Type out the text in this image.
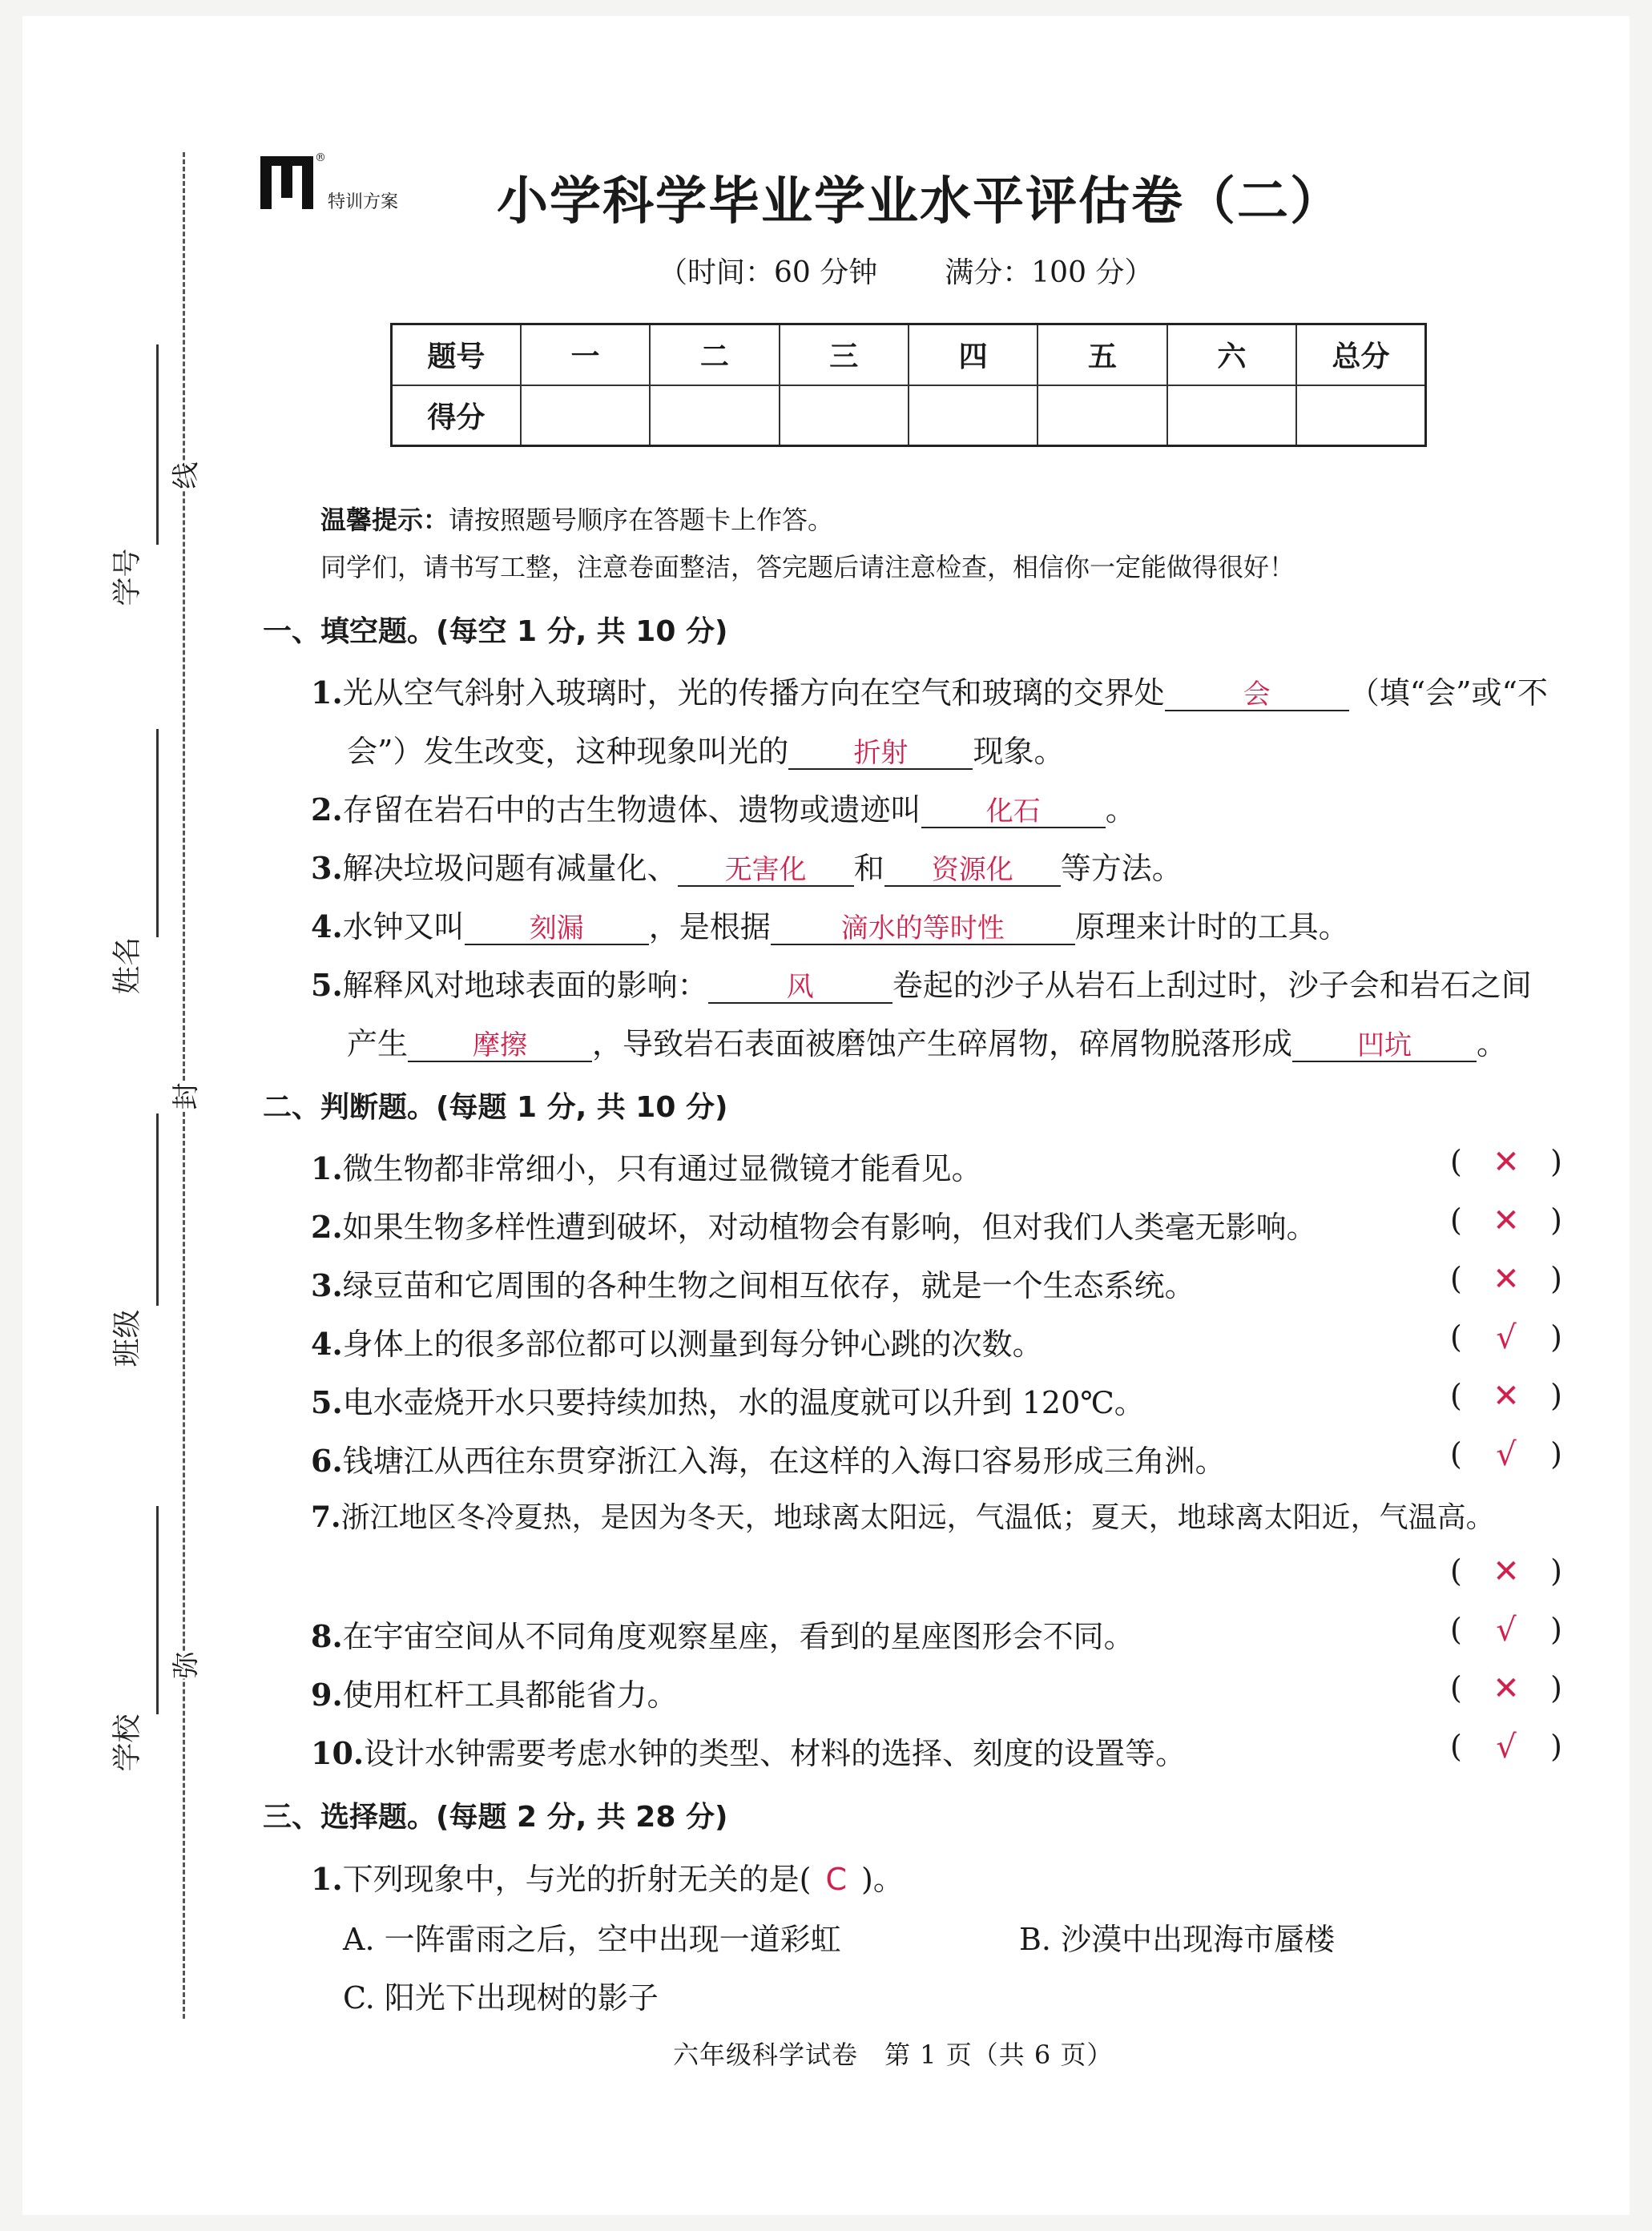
学号
姓名
班级
学校
线
封
弥
®
特训方案 小学科学毕业学业水平评估卷（二）
（时间：60 分钟 满分：100 分）
题号	一	二	三	四	五	六	总分
得分							
温馨提示：请按照题号顺序在答题卡上作答。
同学们，请书写工整，注意卷面整洁，答完题后请注意检查，相信你一定能做得很好！
一、填空题。(每空 1 分, 共 10 分)
1.光从空气斜射入玻璃时，光的传播方向在空气和玻璃的交界处	会	（填“会”或“不
会”）发生改变，这种现象叫光的 折射 现象。
2.存留在岩石中的古生物遗体、遗物或遗迹叫 化石 。
3.解决垃圾问题有减量化、 无害化 和 资源化 等方法。
4.水钟又叫 刻漏 ，是根据	滴水的等时性 原理来计时的工具。
5.解释风对地球表面的影响：	风	卷起的沙子从岩石上刮过时，沙子会和岩石之间
产生 摩擦 ，导致岩石表面被磨蚀产生碎屑物，碎屑物脱落形成 凹坑 。
二、判断题。(每题 1 分, 共 10 分)
1.微生物都非常细小，只有通过显微镜才能看见。	( ✕ )
2.如果生物多样性遭到破坏，对动植物会有影响，但对我们人类毫无影响。	( ✕ )
3.绿豆苗和它周围的各种生物之间相互依存，就是一个生态系统。	( ✕ )
4.身体上的很多部位都可以测量到每分钟心跳的次数。	( √ )
5.电水壶烧开水只要持续加热，水的温度就可以升到 120℃。	( ✕ )
6.钱塘江从西往东贯穿浙江入海，在这样的入海口容易形成三角洲。	( √ )
7.浙江地区冬冷夏热，是因为冬天，地球离太阳远，气温低；夏天，地球离太阳近，气温高。
( ✕ )
8.在宇宙空间从不同角度观察星座，看到的星座图形会不同。	( √ )
9.使用杠杆工具都能省力。	( ✕ )
10.设计水钟需要考虑水钟的类型、材料的选择、刻度的设置等。	( √ )
三、选择题。(每题 2 分, 共 28 分)
1.下列现象中，与光的折射无关的是( C )。
A. 一阵雷雨之后，空中出现一道彩虹	B. 沙漠中出现海市蜃楼
C. 阳光下出现树的影子
六年级科学试卷　第 1 页（共 6 页）
